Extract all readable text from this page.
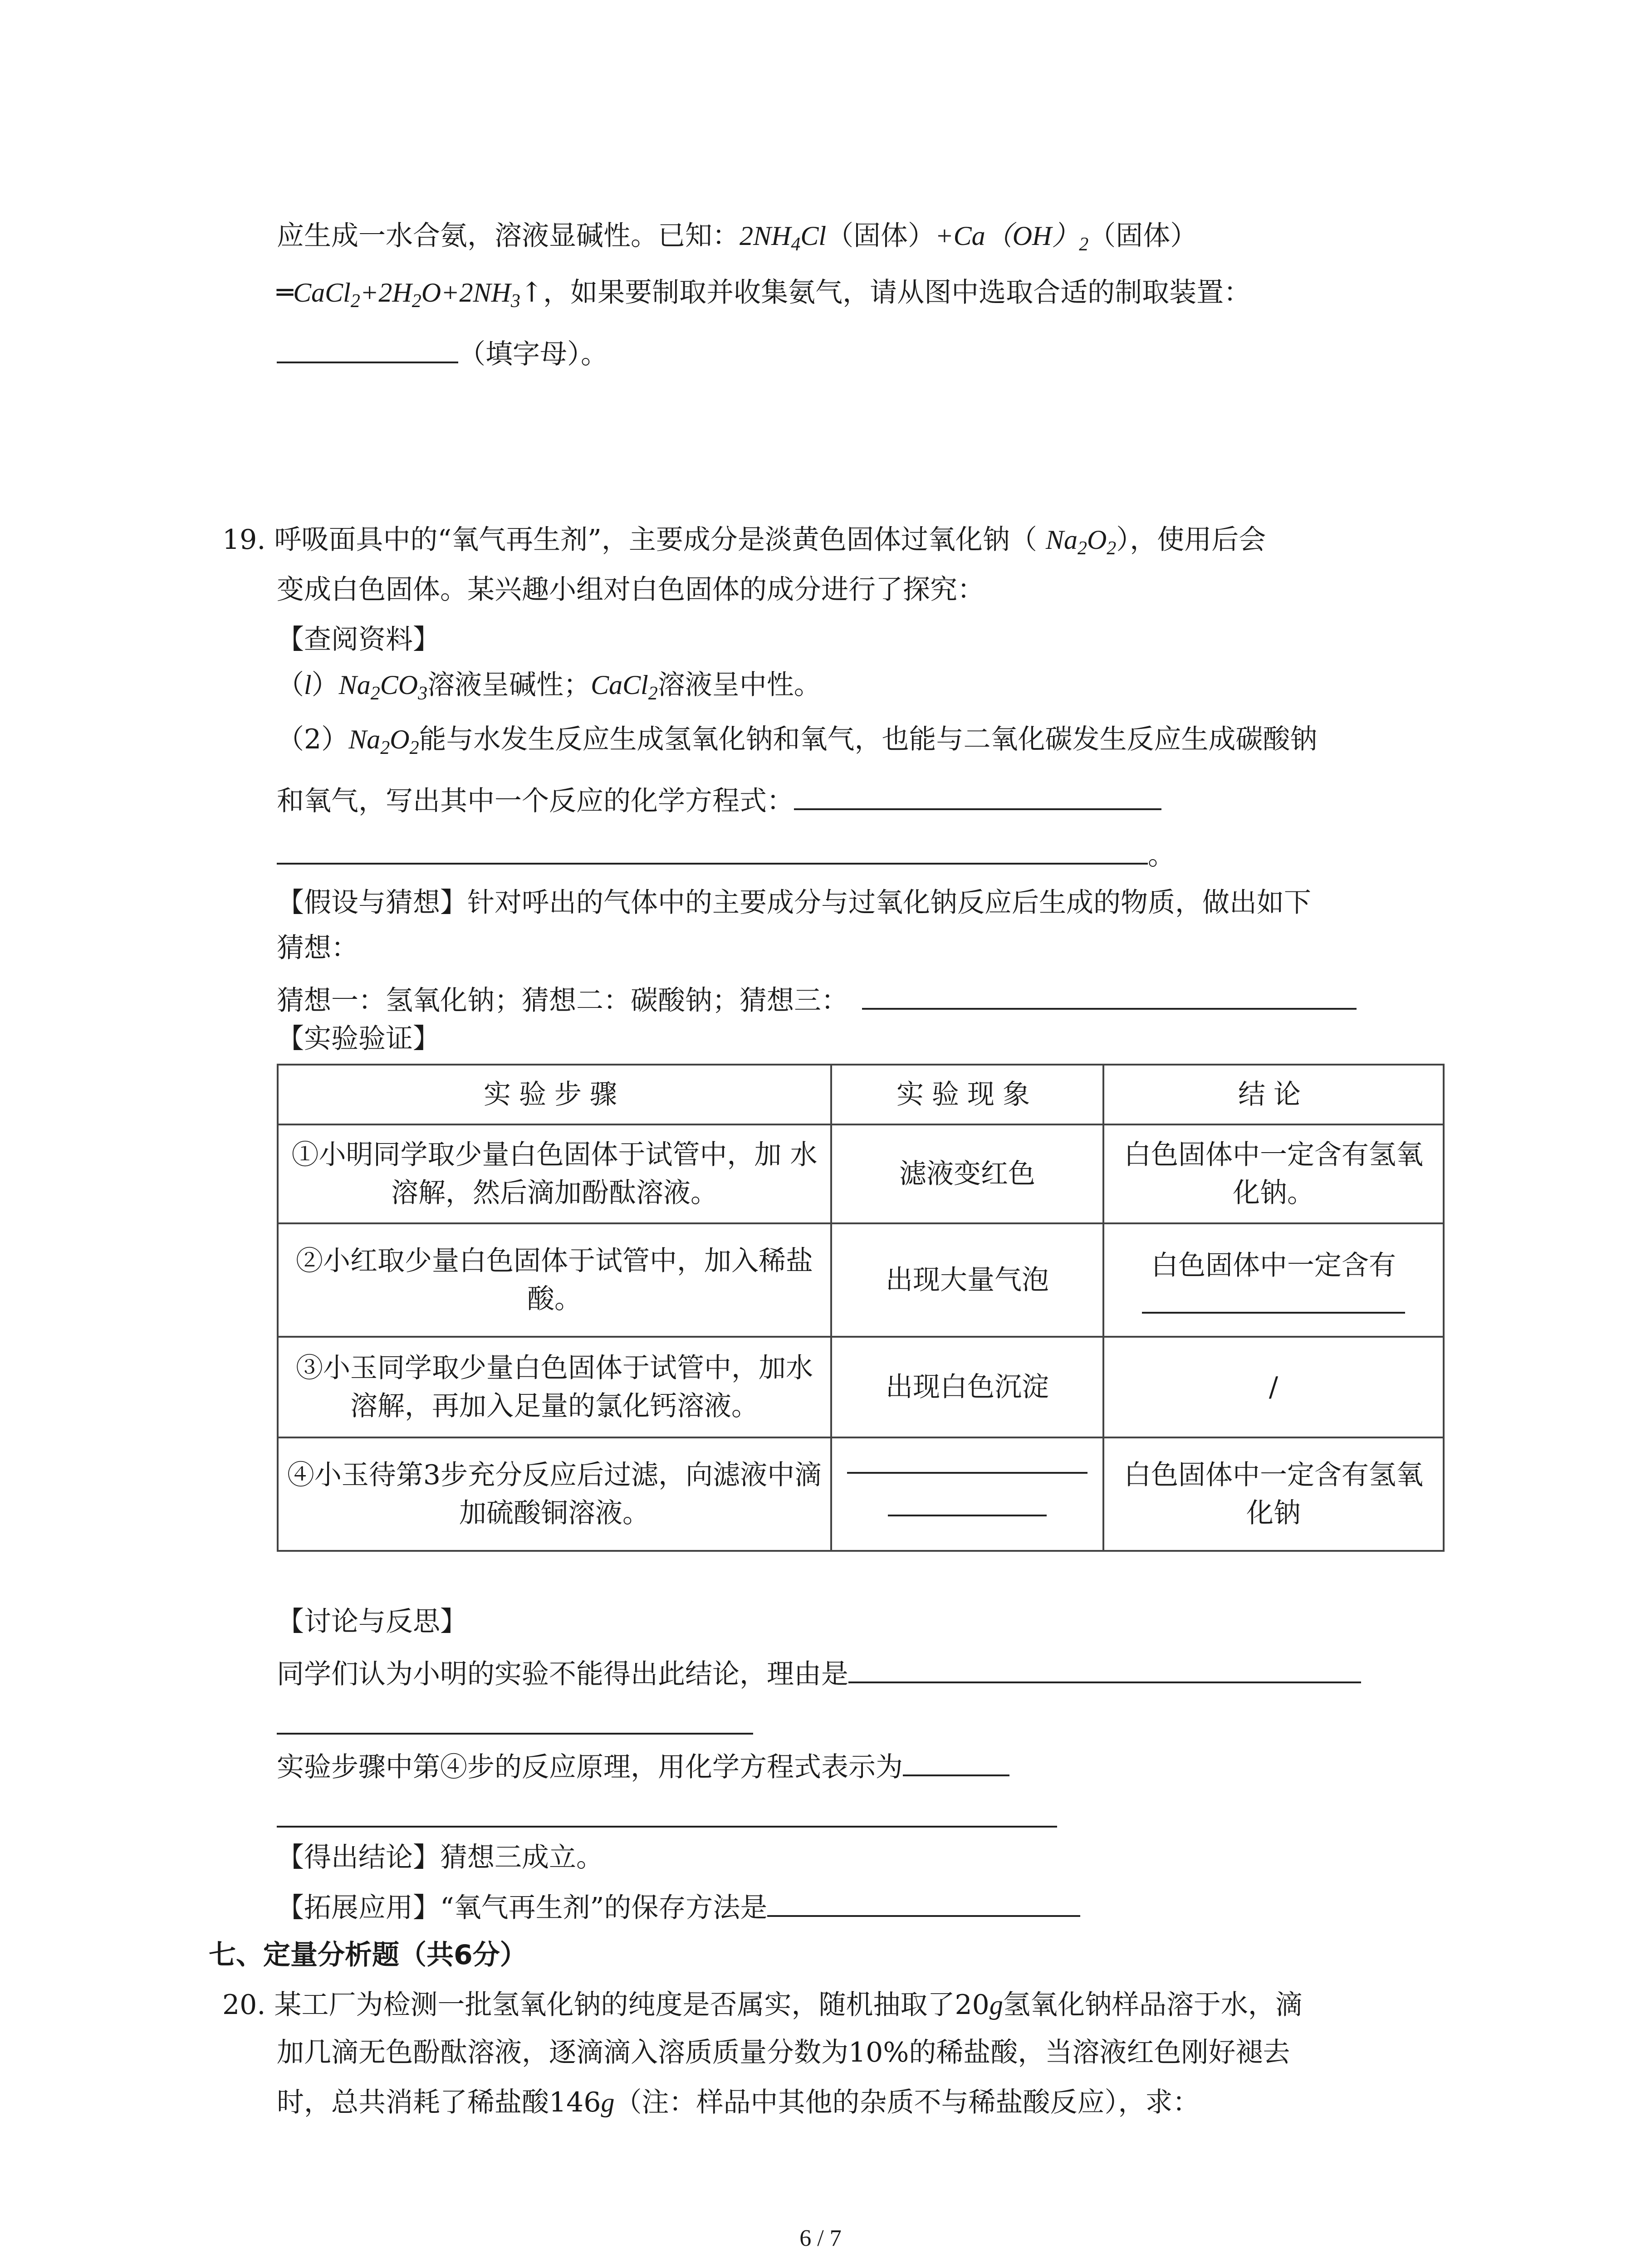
应生成一水合氨，溶液显碱性。已知：$2NH_4Cl$（固体）$+Ca(OH)_2$（固体）
$═CaCl_2+2H_2O+2NH_3↑$，如果要制取并收集氨气，请从图中选取合适的制取装置：
（填字母）。
19. 呼吸面具中的“氧气再生剂”，主要成分是淡黄色固体过氧化钠（ $Na_2O_2$），使用后会
变成白色固体。某兴趣小组对白色固体的成分进行了探究：
【查阅资料】
$(l)Na_2CO_3$溶液呈碱性；CaCl$_2$溶液呈中性。
$(2)Na_2O_2$能与水发生反应生成氢氧化钠和氧气，也能与二氧化碳发生反应生成碳酸钠
和氧气，写出其中一个反应的化学方程式：
。
【假设与猜想】针对呼出的气体中的主要成分与过氧化钠反应后生成的物质，做出如下
猜想：
猜想一：氢氧化钠；猜想二：碳酸钠；猜想三：
【实验验证】
实验步骤	实验现象	结论
①小明同学取少量白色固体于试管中，加 水溶解，然后滴加酚酞溶液。	滤液变红色	白色固体中一定含有氢氧化钠。
②小红取少量白色固体于试管中，加入稀盐酸。	出现大量气泡	白色固体中一定含有

③小玉同学取少量白色固体于试管中，加水溶解，再加入足量的氯化钙溶液。	出现白色沉淀	/
④小玉待第3步充分反应后过滤，向滤液中滴加硫酸铜溶液。		白色固体中一定含有氢氧化钠
【讨论与反思】
同学们认为小明的实验不能得出此结论，理由是
实验步骤中第④步的反应原理，用化学方程式表示为
【得出结论】猜想三成立。
【拓展应用】“氧气再生剂”的保存方法是
七、定量分析题（共6分）
20. 某工厂为检测一批氢氧化钠的纯度是否属实，随机抽取了20g氢氧化钠样品溶于水，滴
加几滴无色酚酞溶液，逐滴滴入溶质质量分数为10%的稀盐酸，当溶液红色刚好褪去
时，总共消耗了稀盐酸146g（注：样品中其他的杂质不与稀盐酸反应），求：
6 / 7
